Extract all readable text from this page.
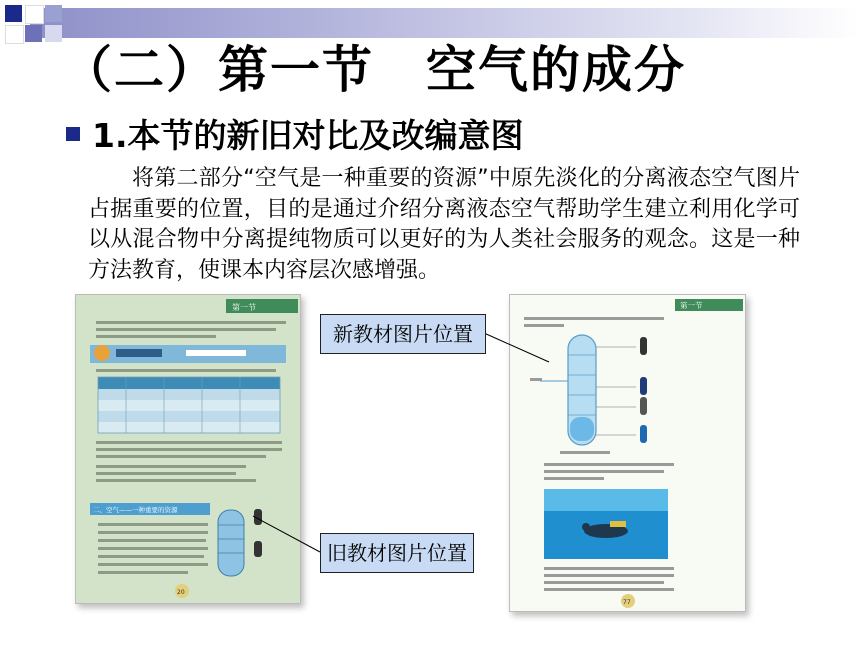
（二）第一节　空气的成分
1.本节的新旧对比及改编意图

将第二部分“空气是一种重要的资源”中原先淡化的分离液态空气图片占据重要的位置，目的是通过介绍分离液态空气帮助学生建立利用化学可以从混合物中分离提纯物质可以更好的为人类社会服务的观念。这是一种方法教育，使课本内容层次感增强。

第一节
二、空气——一种重要的资源
20
第一节
77
新教材图片位置
旧教材图片位置
